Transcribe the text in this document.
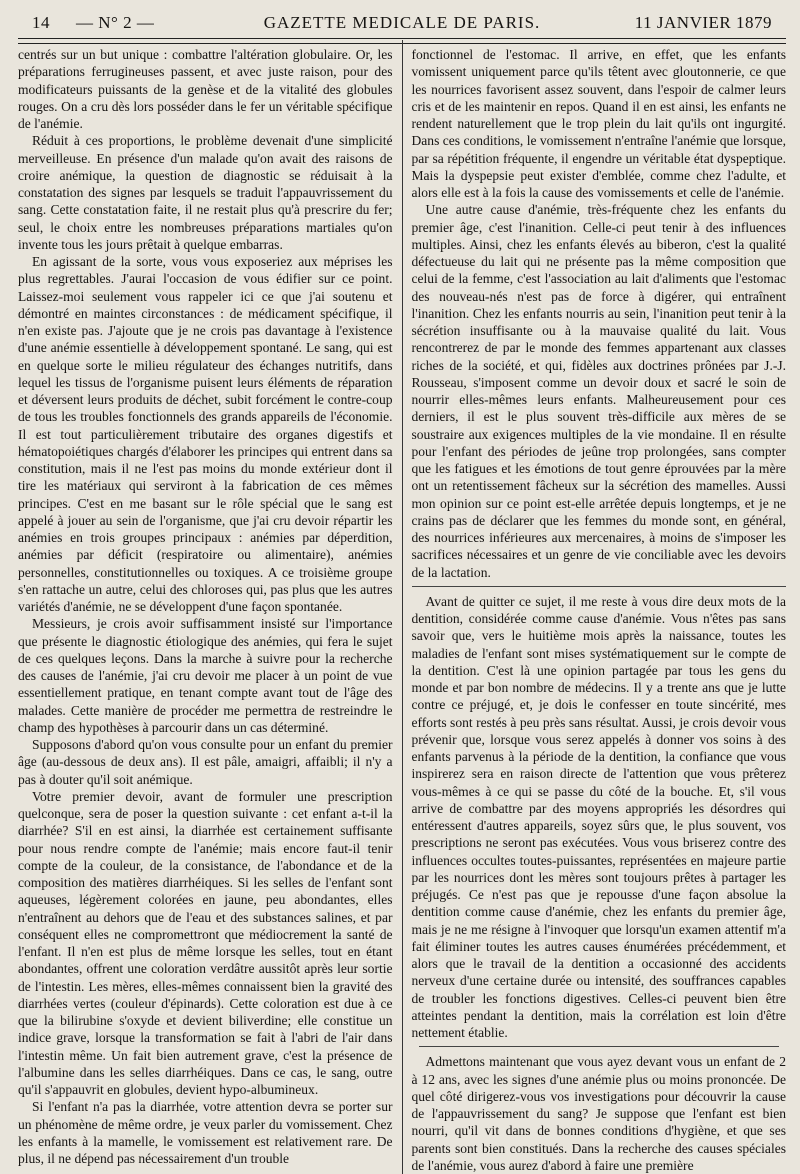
14 — N° 2 —	GAZETTE MEDICALE DE PARIS.	11 JANVIER 1879

centrés sur un but unique : combattre l'altération globulaire. Or, les préparations ferrugineuses passent, et avec juste raison, pour des modificateurs puissants de la genèse et de la vitalité des globules rouges. On a cru dès lors posséder dans le fer un véritable spécifique de l'anémie.

Réduit à ces proportions, le problème devenait d'une simplicité merveilleuse. En présence d'un malade qu'on avait des raisons de croire anémique, la question de diagnostic se réduisait à la constatation des signes par lesquels se traduit l'appauvrissement du sang. Cette constatation faite, il ne restait plus qu'à prescrire du fer; seul, le choix entre les nombreuses préparations martiales qu'on invente tous les jours prêtait à quelque embarras.

En agissant de la sorte, vous vous exposeriez aux méprises les plus regrettables. J'aurai l'occasion de vous édifier sur ce point. Laissez-moi seulement vous rappeler ici ce que j'ai soutenu et démontré en maintes circonstances : de médicament spécifique, il n'en existe pas. J'ajoute que je ne crois pas davantage à l'existence d'une anémie essentielle à développement spontané. Le sang, qui est en quelque sorte le milieu régulateur des échanges nutritifs, dans lequel les tissus de l'organisme puisent leurs éléments de réparation et déversent leurs produits de déchet, subit forcément le contre-coup de tous les troubles fonctionnels des grands appareils de l'économie. Il est tout particulièrement tributaire des organes digestifs et hématopoiétiques chargés d'élaborer les principes qui entrent dans sa constitution, mais il ne l'est pas moins du monde extérieur dont il tire les matériaux qui serviront à la fabrication de ces mêmes principes. C'est en me basant sur le rôle spécial que le sang est appelé à jouer au sein de l'organisme, que j'ai cru devoir répartir les anémies en trois groupes principaux : anémies par déperdition, anémies par déficit (respiratoire ou alimentaire), anémies personnelles, constitutionnelles ou toxiques. A ce troisième groupe s'en rattache un autre, celui des chloroses qui, pas plus que les autres variétés d'anémie, ne se développent d'une façon spontanée.

Messieurs, je crois avoir suffisamment insisté sur l'importance que présente le diagnostic étiologique des anémies, qui fera le sujet de ces quelques leçons. Dans la marche à suivre pour la recherche des causes de l'anémie, j'ai cru devoir me placer à un point de vue essentiellement pratique, en tenant compte avant tout de l'âge des malades. Cette manière de procéder me permettra de restreindre le champ des hypothèses à parcourir dans un cas déterminé.

Supposons d'abord qu'on vous consulte pour un enfant du premier âge (au-dessous de deux ans). Il est pâle, amaigri, affaibli; il n'y a pas à douter qu'il soit anémique.

Votre premier devoir, avant de formuler une prescription quelconque, sera de poser la question suivante : cet enfant a-t-il la diarrhée? S'il en est ainsi, la diarrhée est certainement suffisante pour nous rendre compte de l'anémie; mais encore faut-il tenir compte de la couleur, de la consistance, de l'abondance et de la composition des matières diarrhéiques. Si les selles de l'enfant sont aqueuses, légèrement colorées en jaune, peu abondantes, elles n'entraînent au dehors que de l'eau et des substances salines, et par conséquent elles ne compromettront que médiocrement la santé de l'enfant. Il n'en est plus de même lorsque les selles, tout en étant abondantes, offrent une coloration verdâtre aussitôt après leur sortie de l'intestin. Les mères, elles-mêmes connaissent bien la gravité des diarrhées vertes (couleur d'épinards). Cette coloration est due à ce que la bilirubine s'oxyde et devient biliverdine; elle constitue un indice grave, lorsque la transformation se fait à l'abri de l'air dans l'intestin même. Un fait bien autrement grave, c'est la présence de l'albumine dans les selles diarrhéiques. Dans ce cas, le sang, outre qu'il s'appauvrit en globules, devient hypo-albumineux.

Si l'enfant n'a pas la diarrhée, votre attention devra se porter sur un phénomène de même ordre, je veux parler du vomissement. Chez les enfants à la mamelle, le vomissement est relativement rare. De plus, il ne dépend pas nécessairement d'un trouble

fonctionnel de l'estomac. Il arrive, en effet, que les enfants vomissent uniquement parce qu'ils têtent avec gloutonnerie, ce que les nourrices favorisent assez souvent, dans l'espoir de calmer leurs cris et de les maintenir en repos. Quand il en est ainsi, les enfants ne rendent naturellement que le trop plein du lait qu'ils ont ingurgité. Dans ces conditions, le vomissement n'entraîne l'anémie que lorsque, par sa répétition fréquente, il engendre un véritable état dyspeptique. Mais la dyspepsie peut exister d'emblée, comme chez l'adulte, et alors elle est à la fois la cause des vomissements et celle de l'anémie.

Une autre cause d'anémie, très-fréquente chez les enfants du premier âge, c'est l'inanition. Celle-ci peut tenir à des influences multiples. Ainsi, chez les enfants élevés au biberon, c'est la qualité défectueuse du lait qui ne présente pas la même composition que celui de la femme, c'est l'association au lait d'aliments que l'estomac des nouveau-nés n'est pas de force à digérer, qui entraînent l'inanition. Chez les enfants nourris au sein, l'inanition peut tenir à la sécrétion insuffisante ou à la mauvaise qualité du lait. Vous rencontrerez de par le monde des femmes appartenant aux classes riches de la société, et qui, fidèles aux doctrines prônées par J.-J. Rousseau, s'imposent comme un devoir doux et sacré le soin de nourrir elles-mêmes leurs enfants. Malheureusement pour ces derniers, il est le plus souvent très-difficile aux mères de se soustraire aux exigences multiples de la vie mondaine. Il en résulte pour l'enfant des périodes de jeûne trop prolongées, sans compter que les fatigues et les émotions de tout genre éprouvées par la mère ont un retentissement fâcheux sur la sécrétion des mamelles. Aussi mon opinion sur ce point est-elle arrêtée depuis longtemps, et je ne crains pas de déclarer que les femmes du monde sont, en général, des nourrices inférieures aux mercenaires, à moins de s'imposer les sacrifices nécessaires et un genre de vie conciliable avec les devoirs de la lactation.

Avant de quitter ce sujet, il me reste à vous dire deux mots de la dentition, considérée comme cause d'anémie. Vous n'êtes pas sans savoir que, vers le huitième mois après la naissance, toutes les maladies de l'enfant sont mises systématiquement sur le compte de la dentition. C'est là une opinion partagée par tous les gens du monde et par bon nombre de médecins. Il y a trente ans que je lutte contre ce préjugé, et, je dois le confesser en toute sincérité, mes efforts sont restés à peu près sans résultat. Aussi, je crois devoir vous prévenir que, lorsque vous serez appelés à donner vos soins à des enfants parvenus à la période de la dentition, la confiance que vous inspirerez sera en raison directe de l'attention que vous prêterez vous-mêmes à ce qui se passe du côté de la bouche. Et, s'il vous arrive de combattre par des moyens appropriés les désordres qui entéressent d'autres appareils, soyez sûrs que, le plus souvent, vos prescriptions ne seront pas exécutées. Vous vous briserez contre des influences occultes toutes-puissantes, représentées en majeure partie par les nourrices dont les mères sont toujours prêtes à partager les préjugés. Ce n'est pas que je repousse d'une façon absolue la dentition comme cause d'anémie, chez les enfants du premier âge, mais je ne me résigne à l'invoquer que lorsqu'un examen attentif m'a fait éliminer toutes les autres causes énumérées précédemment, et alors que le travail de la dentition a occasionné des accidents nerveux d'une certaine durée ou intensité, des souffrances capables de troubler les fonctions digestives. Celles-ci peuvent bien être atteintes pendant la dentition, mais la corrélation est loin d'être nettement établie.

Admettons maintenant que vous ayez devant vous un enfant de 2 à 12 ans, avec les signes d'une anémie plus ou moins prononcée. De quel côté dirigerez-vous vos investigations pour découvrir la cause de l'appauvrissement du sang? Je suppose que l'enfant est bien nourri, qu'il vit dans de bonnes conditions d'hygiène, et que ses parents sont bien constitués. Dans la recherche des causes spéciales de l'anémie, vous aurez d'abord à faire une première
